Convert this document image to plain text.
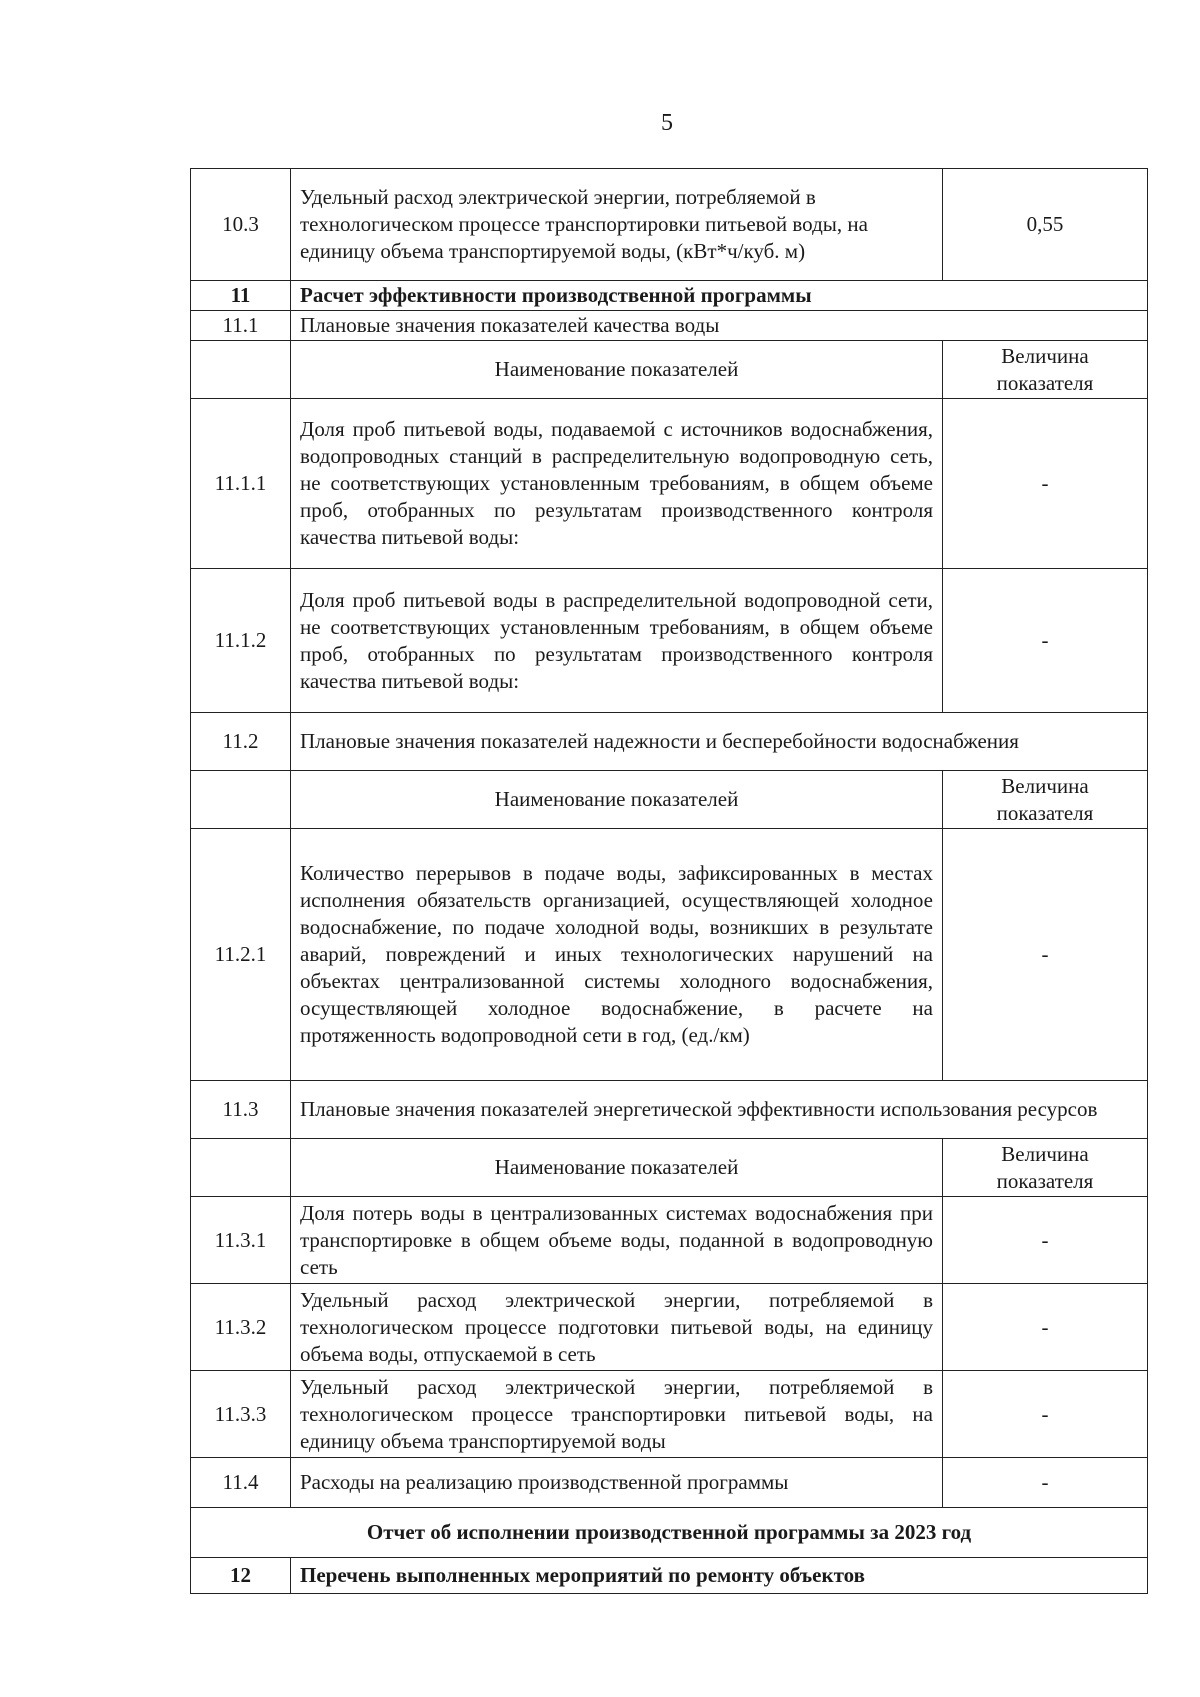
5
10.3	Удельный расход электрической энергии, потребляемой в технологическом процессе транспортировки питьевой воды, на единицу объема транспортируемой воды, (кВт*ч/куб. м)	0,55
11	Расчет эффективности производственной программы	
11.1	Плановые значения показателей качества воды	
	Наименование показателей	Величина показателя
11.1.1	Доля проб питьевой воды, подаваемой с источников водоснабжения, водопроводных станций в распределительную водопроводную сеть, не соответствующих установленным требованиям, в общем объеме проб, отобранных по результатам производственного контроля качества питьевой воды:	-
11.1.2	Доля проб питьевой воды в распределительной водопроводной сети, не соответствующих установленным требованиям, в общем объеме проб, отобранных по результатам производственного контроля качества питьевой воды:	-
11.2	Плановые значения показателей надежности и бесперебойности водоснабжения	
	Наименование показателей	Величина показателя
11.2.1	Количество перерывов в подаче воды, зафиксированных в местах исполнения обязательств организацией, осуществляющей холодное водоснабжение, по подаче холодной воды, возникших в результате аварий, повреждений и иных технологических нарушений на объектах централизованной системы холодного водоснабжения, осуществляющей холодное водоснабжение, в расчете на протяженность водопроводной сети в год, (ед./км)	-
11.3	Плановые значения показателей энергетической эффективности использования ресурсов	
	Наименование показателей	Величина показателя
11.3.1	Доля потерь воды в централизованных системах водоснабжения при транспортировке в общем объеме воды, поданной в водопроводную сеть	-
11.3.2	Удельный расход электрической энергии, потребляемой в технологическом процессе подготовки питьевой воды, на единицу объема воды, отпускаемой в сеть	-
11.3.3	Удельный расход электрической энергии, потребляемой в технологическом процессе транспортировки питьевой воды, на единицу объема транспортируемой воды	-
11.4	Расходы на реализацию производственной программы	-
Отчет об исполнении производственной программы за 2023 год		
12	Перечень выполненных мероприятий по ремонту объектов	
